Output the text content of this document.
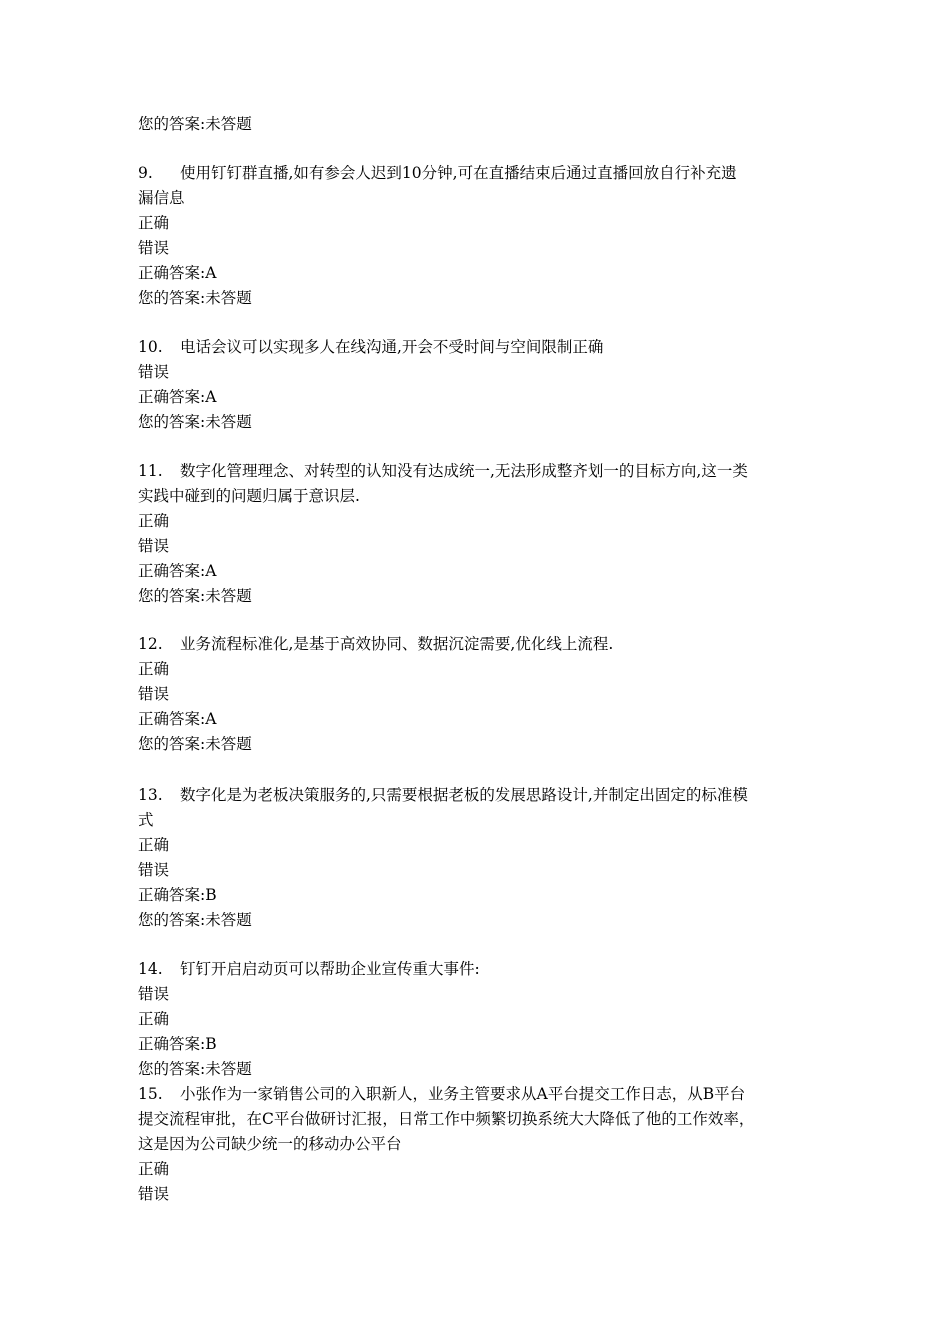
您的答案:未答题
9. 使用钉钉群直播,如有参会人迟到10分钟,可在直播结束后通过直播回放自行补充遗
漏信息
正确
错误
正确答案:A
您的答案:未答题
10. 电话会议可以实现多人在线沟通,开会不受时间与空间限制正确
错误
正确答案:A
您的答案:未答题
11. 数字化管理理念、对转型的认知没有达成统一,无法形成整齐划一的目标方向,这一类
实践中碰到的问题归属于意识层.
正确
错误
正确答案:A
您的答案:未答题
12. 业务流程标准化,是基于高效协同、数据沉淀需要,优化线上流程.
正确
错误
正确答案:A
您的答案:未答题
13. 数字化是为老板决策服务的,只需要根据老板的发展思路设计,并制定出固定的标准模
式
正确
错误
正确答案:B
您的答案:未答题
14. 钉钉开启启动页可以帮助企业宣传重大事件:
错误
正确
正确答案:B
您的答案:未答题
15. 小张作为一家销售公司的入职新人，业务主管要求从A平台提交工作日志，从B平台
提交流程审批，在C平台做研讨汇报，日常工作中频繁切换系统大大降低了他的工作效率，
这是因为公司缺少统一的移动办公平台
正确
错误
